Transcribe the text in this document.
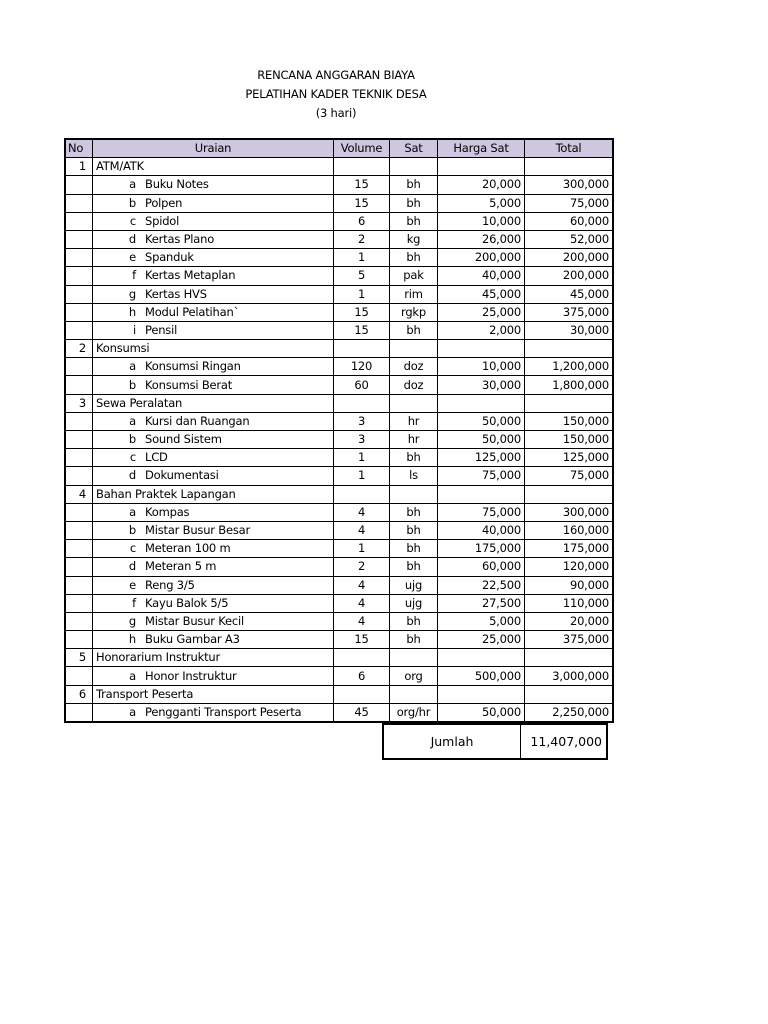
RENCANA ANGGARAN BIAYA
PELATIHAN KADER TEKNIK DESA
(3 hari)
No	Uraian	Volume	Sat	Harga Sat	Total
1	ATM/ATK				
	a Buku Notes	15	bh	20,000	300,000
	b Polpen	15	bh	5,000	75,000
	c Spidol	6	bh	10,000	60,000
	d Kertas Plano	2	kg	26,000	52,000
	e Spanduk	1	bh	200,000	200,000
	f Kertas Metaplan	5	pak	40,000	200,000
	g Kertas HVS	1	rim	45,000	45,000
	h Modul Pelatihan`	15	rgkp	25,000	375,000
	i Pensil	15	bh	2,000	30,000
2	Konsumsi				
	a Konsumsi Ringan	120	doz	10,000	1,200,000
	b Konsumsi Berat	60	doz	30,000	1,800,000
3	Sewa Peralatan				
	a Kursi dan Ruangan	3	hr	50,000	150,000
	b Sound Sistem	3	hr	50,000	150,000
	c LCD	1	bh	125,000	125,000
	d Dokumentasi	1	ls	75,000	75,000
4	Bahan Praktek Lapangan				
	a Kompas	4	bh	75,000	300,000
	b Mistar Busur Besar	4	bh	40,000	160,000
	c Meteran 100 m	1	bh	175,000	175,000
	d Meteran 5 m	2	bh	60,000	120,000
	e Reng 3/5	4	ujg	22,500	90,000
	f Kayu Balok 5/5	4	ujg	27,500	110,000
	g Mistar Busur Kecil	4	bh	5,000	20,000
	h Buku Gambar A3	15	bh	25,000	375,000
5	Honorarium Instruktur				
	a Honor Instruktur	6	org	500,000	3,000,000
6	Transport Peserta				
	a Pengganti Transport Peserta	45	org/hr	50,000	2,250,000
Jumlah	11,407,000
